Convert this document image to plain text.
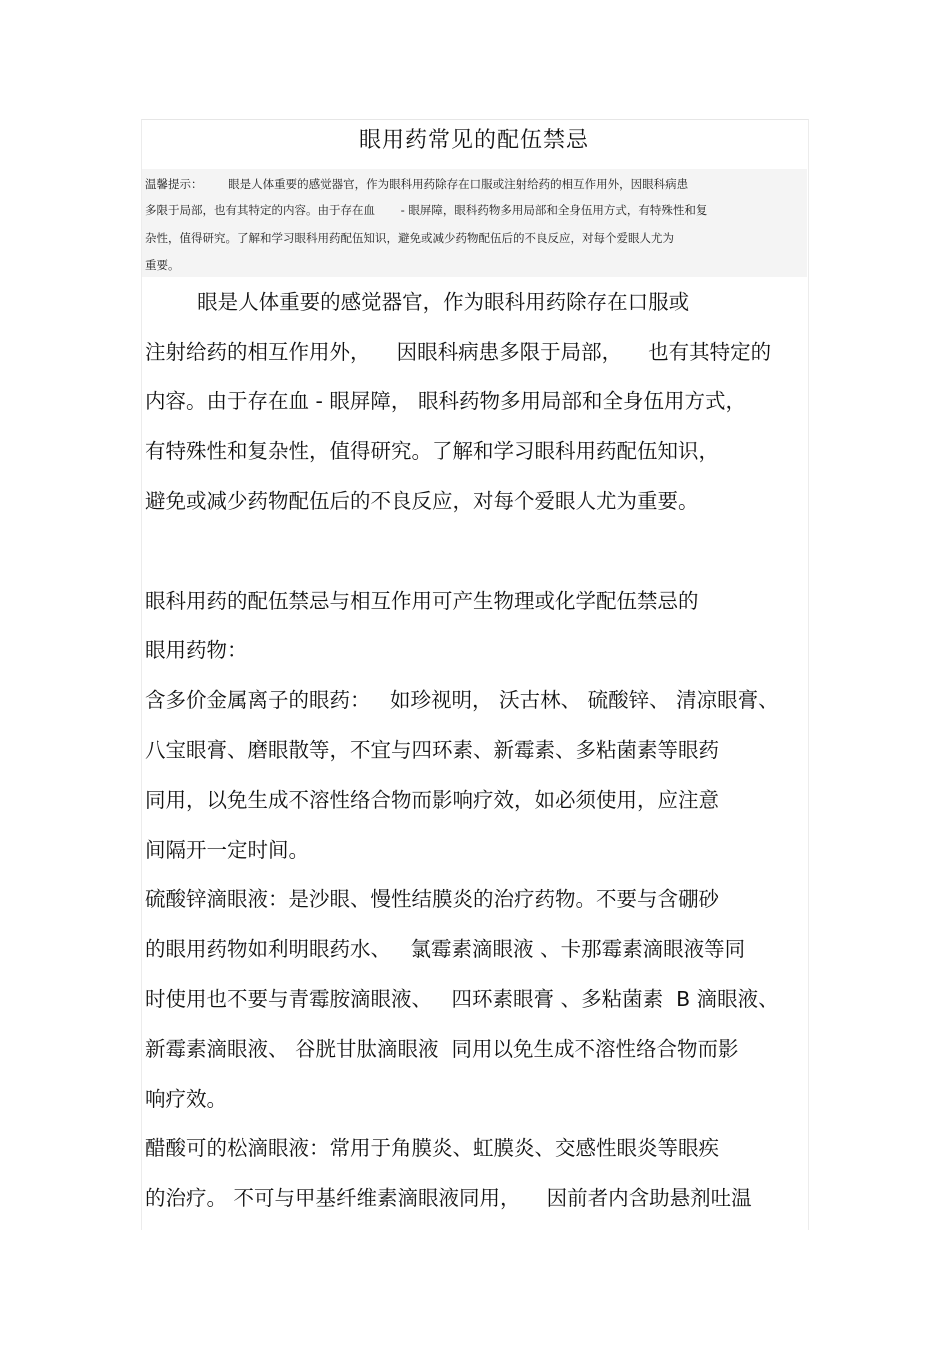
眼用药常见的配伍禁忌
温馨提示：       眼是人体重要的感觉器官，作为眼科用药除存在口服或注射给药的相互作用外，因眼科病患
多限于局部，也有其特定的内容。由于存在血       - 眼屏障，眼科药物多用局部和全身伍用方式，有特殊性和复
杂性，值得研究。了解和学习眼科用药配伍知识，避免或减少药物配伍后的不良反应，对每个爱眼人尤为
重要。
眼是人体重要的感觉器官，作为眼科用药除存在口服或
注射给药的相互作用外，    因眼科病患多限于局部，    也有其特定的
内容。由于存在血 - 眼屏障， 眼科药物多用局部和全身伍用方式，
有特殊性和复杂性，值得研究。了解和学习眼科用药配伍知识，
避免或减少药物配伍后的不良反应，对每个爱眼人尤为重要。
眼科用药的配伍禁忌与相互作用可产生物理或化学配伍禁忌的
眼用药物：
含多价金属离子的眼药：   如珍视明， 沃古林、 硫酸锌、 清凉眼膏、
八宝眼膏、磨眼散等，不宜与四环素、新霉素、多粘菌素等眼药
同用，以免生成不溶性络合物而影响疗效，如必须使用，应注意
间隔开一定时间。
硫酸锌滴眼液：是沙眼、慢性结膜炎的治疗药物。不要与含硼砂
的眼用药物如利明眼药水、   氯霉素滴眼液 、卡那霉素滴眼液等同
时使用也不要与青霉胺滴眼液、   四环素眼膏 、多粘菌素  B 滴眼液、
新霉素滴眼液、 谷胱甘肽滴眼液  同用以免生成不溶性络合物而影
响疗效。
醋酸可的松滴眼液：常用于角膜炎、虹膜炎、交感性眼炎等眼疾
的治疗。 不可与甲基纤维素滴眼液同用，    因前者内含助悬剂吐温
